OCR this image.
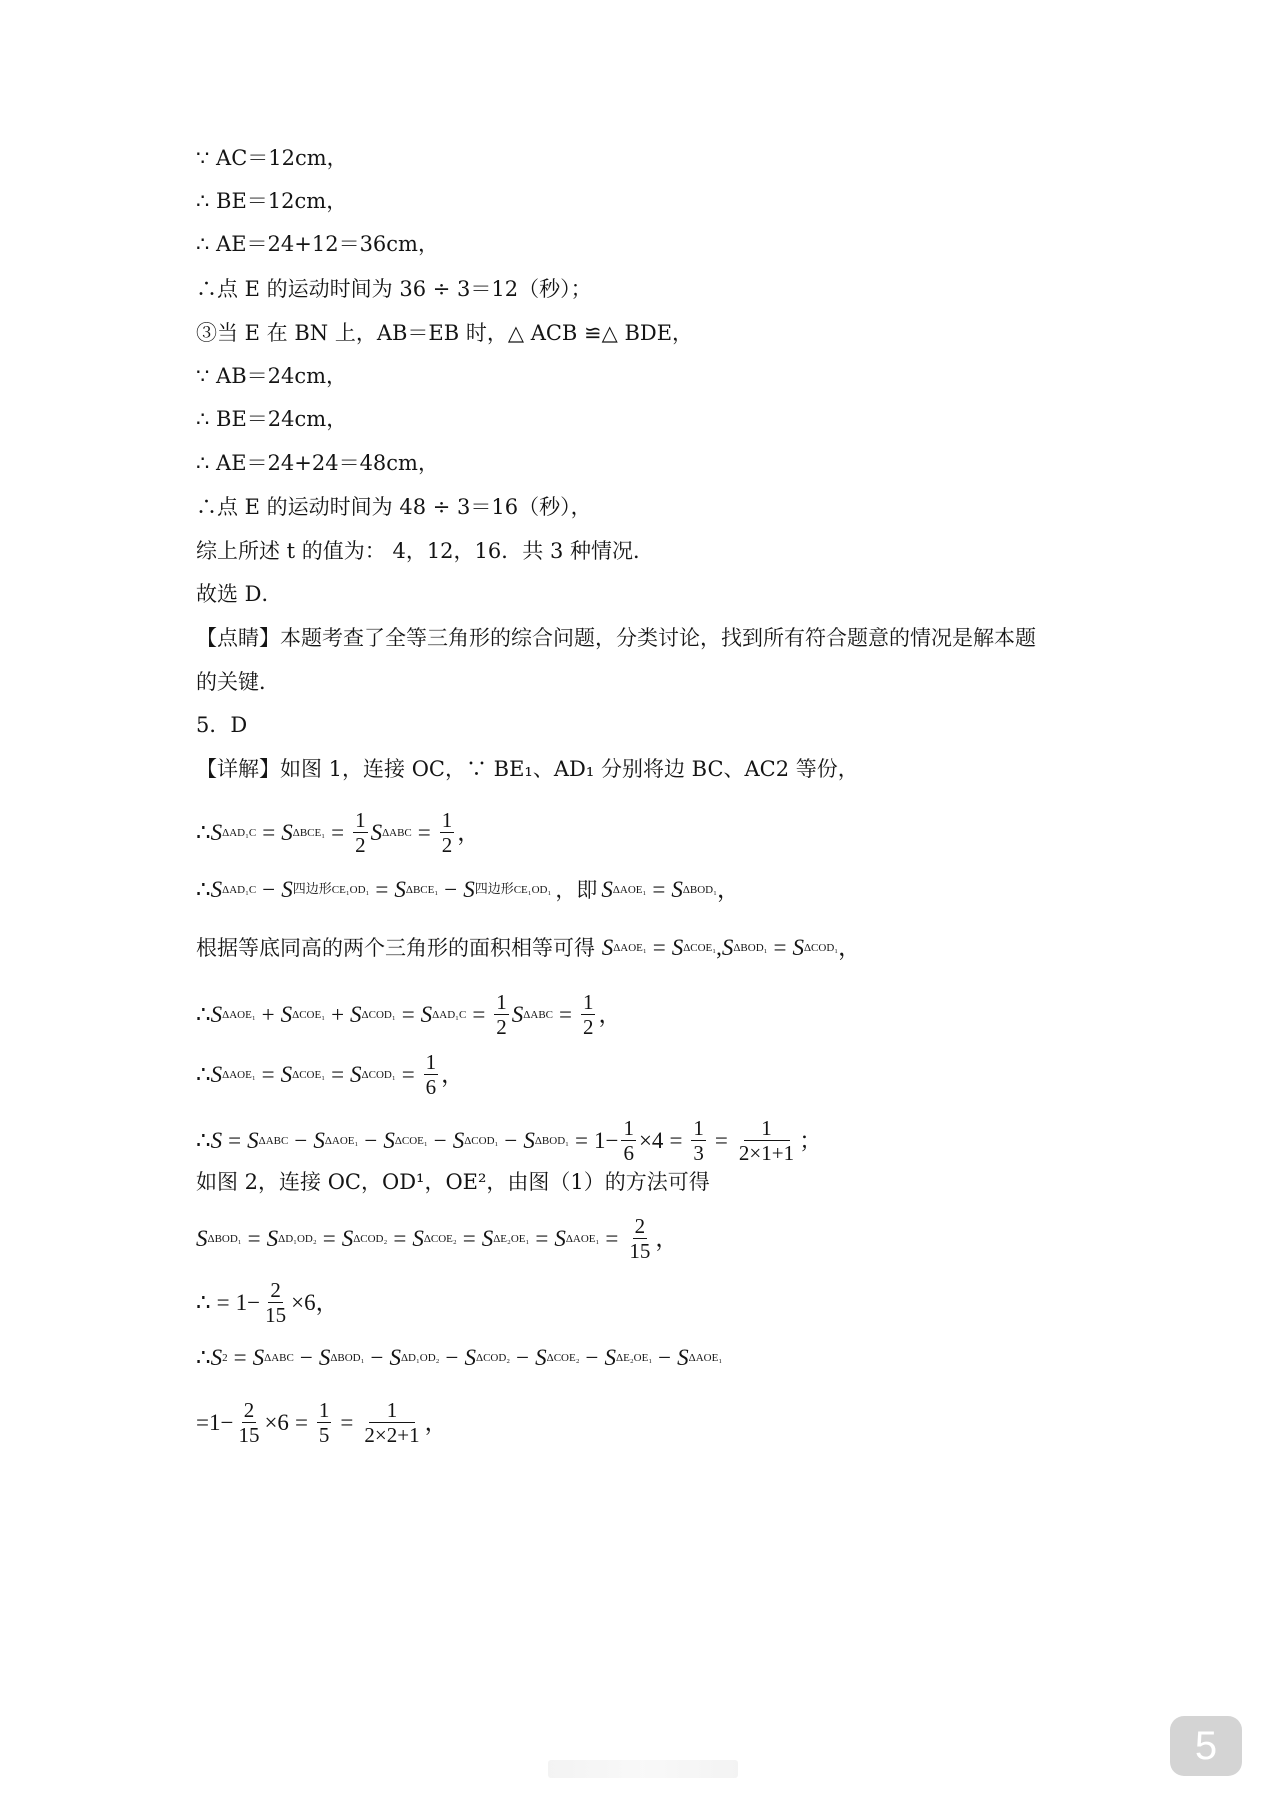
∵ AC＝12cm，
∴ BE＝12cm，
∴ AE＝24+12＝36cm，
∴点 E 的运动时间为 36 ÷ 3＝12（秒）；
③当 E 在 BN 上，AB＝EB 时，△ ACB ≌△ BDE，
∵ AB＝24cm，
∴ BE＝24cm，
∴ AE＝24+24＝48cm，
∴点 E 的运动时间为 48 ÷ 3＝16（秒），
综上所述 t 的值为： 4，12，16．共 3 种情况．
故选 D．
【点睛】本题考查了全等三角形的综合问题，分类讨论，找到所有符合题意的情况是解本题
的关键．
5．D
【详解】如图 1，连接 OC，∵ BE₁、AD₁ 分别将边 BC、AC2 等份，
∴ S ΔAD₁C = S $\Delta BCE_1 = \frac{1}{2}$ S $\Delta ABC = \frac{1}{2}$ ，
∴ S ΔAD₁C − S 四边形CE₁OD₁ = S ΔBCE₁ − S 四边形CE₁OD₁ ，即 S ΔAOE₁ = S ΔBOD₁ ，
根据等底同高的两个三角形的面积相等可得 S ΔAOE₁ = S ΔCOE₁ , S ΔBOD₁ = S ΔCOD₁ ，
∴ S ΔAOE₁ + S ΔCOE₁ + S ΔCOD₁ = S $\Delta AD_1C = \frac{1}{2}$ S $\Delta ABC = \frac{1}{2}$ ，
∴ S ΔAOE₁ = S ΔCOE₁ = S $\Delta COD_1 = \frac{1}{6}$ ，
∴ S = S ΔABC − S ΔAOE₁ − S ΔCOE₁ − S ΔCOD₁ − S $\Delta BOD_1 = 1- \frac{1}{6} \times 4 = \frac{1}{3} = \frac{1}{2\times 1+1}$ ；
如图 2，连接 OC，OD¹，OE²，由图（1）的方法可得
S ΔBOD₁ = S ΔD₁OD₂ = S ΔCOD₂ = S ΔCOE₂ = S ΔE₂OE₁ = S $\Delta AOE_1 = \frac{2}{15}$ ，
∴ = $1- \frac{2}{15} \times 6$，
∴ S 2 = S ΔABC − S ΔBOD₁ − S ΔD₁OD₂ − S ΔCOD₂ − S ΔCOE₂ − S ΔE₂OE₁ − S ΔAOE₁
$=1- \frac{2}{15} \times 6 = \frac{1}{5} = \frac{1}{2\times 2+1}$ ，
5
